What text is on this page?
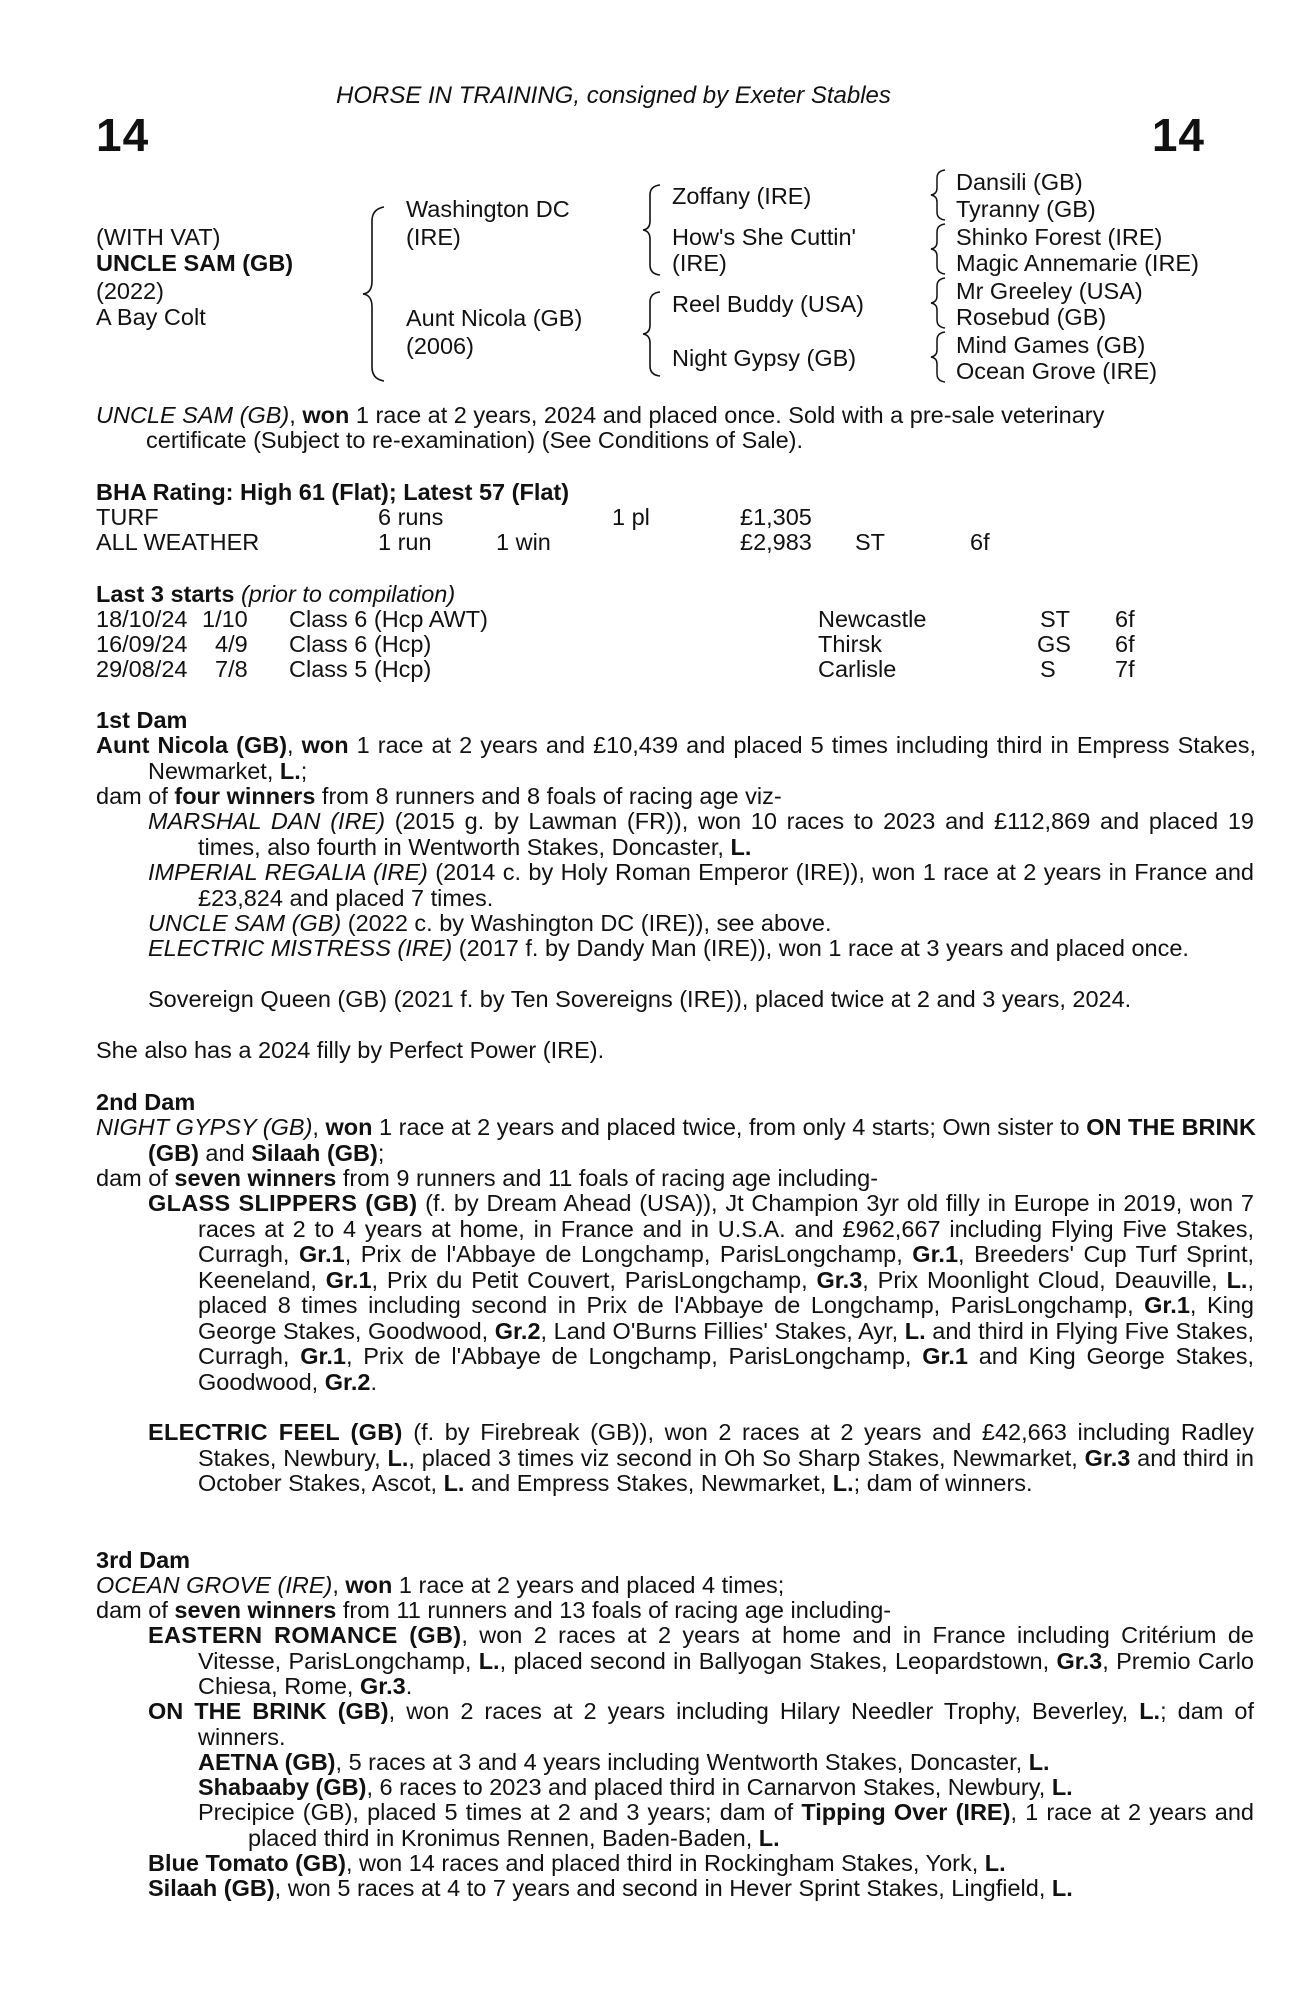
14	14
HORSE IN TRAINING, consigned by Exeter Stables
(WITH VAT)
UNCLE SAM (GB)
(2022)
A Bay Colt
Washington DC
(IRE)
Aunt Nicola (GB)
(2006)
Zoffany (IRE)
How's She Cuttin'
(IRE)
Reel Buddy (USA)
Night Gypsy (GB)
Dansili (GB)
Tyranny (GB)
Shinko Forest (IRE)
Magic Annemarie (IRE)
Mr Greeley (USA)
Rosebud (GB)
Mind Games (GB)
Ocean Grove (IRE)
UNCLE SAM (GB), won 1 race at 2 years, 2024 and placed once. Sold with a pre-sale veterinary
certificate (Subject to re-examination) (See Conditions of Sale).
BHA Rating: High 61 (Flat); Latest 57 (Flat)
TURF	6 runs	1 pl	£1,305
ALL WEATHER	1 run	1 win	£2,983 ST	6f
Last 3 starts (prior to compilation)
18/10/24 1/10 Class 6 (Hcp AWT)	Newcastle	ST 6f
16/09/24 4/9 Class 6 (Hcp)	Thirsk	GS 6f
29/08/24 7/8 Class 5 (Hcp)	Carlisle	S	7f
1st Dam
Aunt Nicola (GB), won 1 race at 2 years and £10,439 and placed 5 times including third in Empress Stakes, Newmarket, L.;
dam of four winners from 8 runners and 8 foals of racing age viz-
MARSHAL DAN (IRE) (2015 g. by Lawman (FR)), won 10 races to 2023 and £112,869 and placed 19 times, also fourth in Wentworth Stakes, Doncaster, L.
IMPERIAL REGALIA (IRE) (2014 c. by Holy Roman Emperor (IRE)), won 1 race at 2 years in France and £23,824 and placed 7 times.
UNCLE SAM (GB) (2022 c. by Washington DC (IRE)), see above.
ELECTRIC MISTRESS (IRE) (2017 f. by Dandy Man (IRE)), won 1 race at 3 years and placed once.
Sovereign Queen (GB) (2021 f. by Ten Sovereigns (IRE)), placed twice at 2 and 3 years, 2024.
She also has a 2024 filly by Perfect Power (IRE).
2nd Dam
NIGHT GYPSY (GB), won 1 race at 2 years and placed twice, from only 4 starts; Own sister to ON THE BRINK (GB) and Silaah (GB);
dam of seven winners from 9 runners and 11 foals of racing age including-
GLASS SLIPPERS (GB) (f. by Dream Ahead (USA)), Jt Champion 3yr old filly in Europe in 2019, won 7 races at 2 to 4 years at home, in France and in U.S.A. and £962,667 including Flying Five Stakes, Curragh, Gr.1, Prix de l'Abbaye de Longchamp, ParisLongchamp, Gr.1, Breeders' Cup Turf Sprint, Keeneland, Gr.1, Prix du Petit Couvert, ParisLongchamp, Gr.3, Prix Moonlight Cloud, Deauville, L., placed 8 times including second in Prix de l'Abbaye de Longchamp, ParisLongchamp, Gr.1, King George Stakes, Goodwood, Gr.2, Land O'Burns Fillies' Stakes, Ayr, L. and third in Flying Five Stakes, Curragh, Gr.1, Prix de l'Abbaye de Longchamp, ParisLongchamp, Gr.1 and King George Stakes, Goodwood, Gr.2.
ELECTRIC FEEL (GB) (f. by Firebreak (GB)), won 2 races at 2 years and £42,663 including Radley Stakes, Newbury, L., placed 3 times viz second in Oh So Sharp Stakes, Newmarket, Gr.3 and third in October Stakes, Ascot, L. and Empress Stakes, Newmarket, L.; dam of winners.
3rd Dam
OCEAN GROVE (IRE), won 1 race at 2 years and placed 4 times;
dam of seven winners from 11 runners and 13 foals of racing age including-
EASTERN ROMANCE (GB), won 2 races at 2 years at home and in France including Critérium de Vitesse, ParisLongchamp, L., placed second in Ballyogan Stakes, Leopardstown, Gr.3, Premio Carlo Chiesa, Rome, Gr.3.
ON THE BRINK (GB), won 2 races at 2 years including Hilary Needler Trophy, Beverley, L.; dam of winners.
AETNA (GB), 5 races at 3 and 4 years including Wentworth Stakes, Doncaster, L.
Shabaaby (GB), 6 races to 2023 and placed third in Carnarvon Stakes, Newbury, L.
Precipice (GB), placed 5 times at 2 and 3 years; dam of Tipping Over (IRE), 1 race at 2 years and placed third in Kronimus Rennen, Baden-Baden, L.
Blue Tomato (GB), won 14 races and placed third in Rockingham Stakes, York, L.
Silaah (GB), won 5 races at 4 to 7 years and second in Hever Sprint Stakes, Lingfield, L.
